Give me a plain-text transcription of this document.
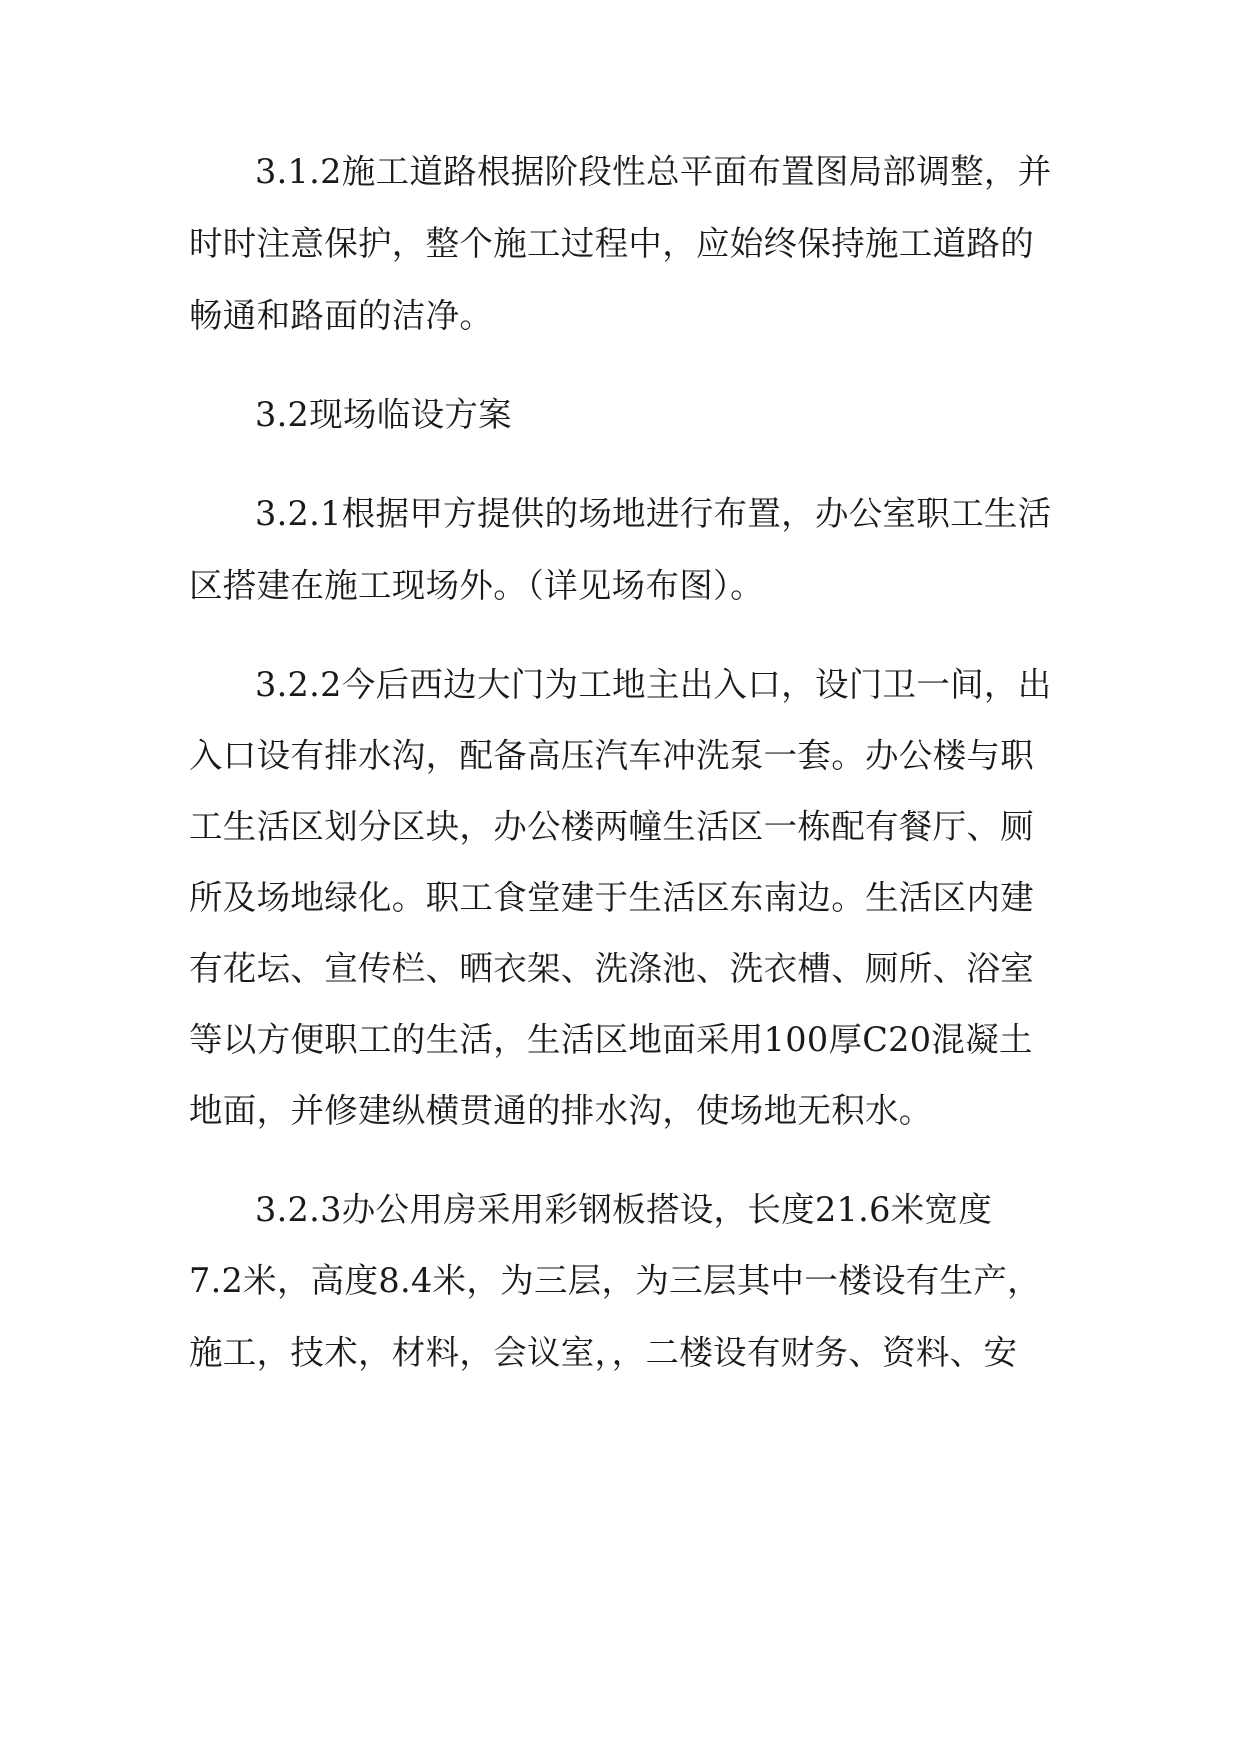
3.1.2施工道路根据阶段性总平面布置图局部调整，并
时时注意保护，整个施工过程中，应始终保持施工道路的
畅通和路面的洁净。
3.2现场临设方案
3.2.1根据甲方提供的场地进行布置，办公室职工生活
区搭建在施工现场外。（详见场布图）。
3.2.2今后西边大门为工地主出入口，设门卫一间，出
入口设有排水沟，配备高压汽车冲洗泵一套。办公楼与职
工生活区划分区块，办公楼两幢生活区一栋配有餐厅、厕
所及场地绿化。职工食堂建于生活区东南边。生活区内建
有花坛、宣传栏、晒衣架、洗涤池、洗衣槽、厕所、浴室
等以方便职工的生活，生活区地面采用100厚C20混凝土
地面，并修建纵横贯通的排水沟，使场地无积水。
3.2.3办公用房采用彩钢板搭设，长度21.6米宽度
7.2米，高度8.4米，为三层，为三层其中一楼设有生产，
施工，技术，材料，会议室，，二楼设有财务、资料、安
